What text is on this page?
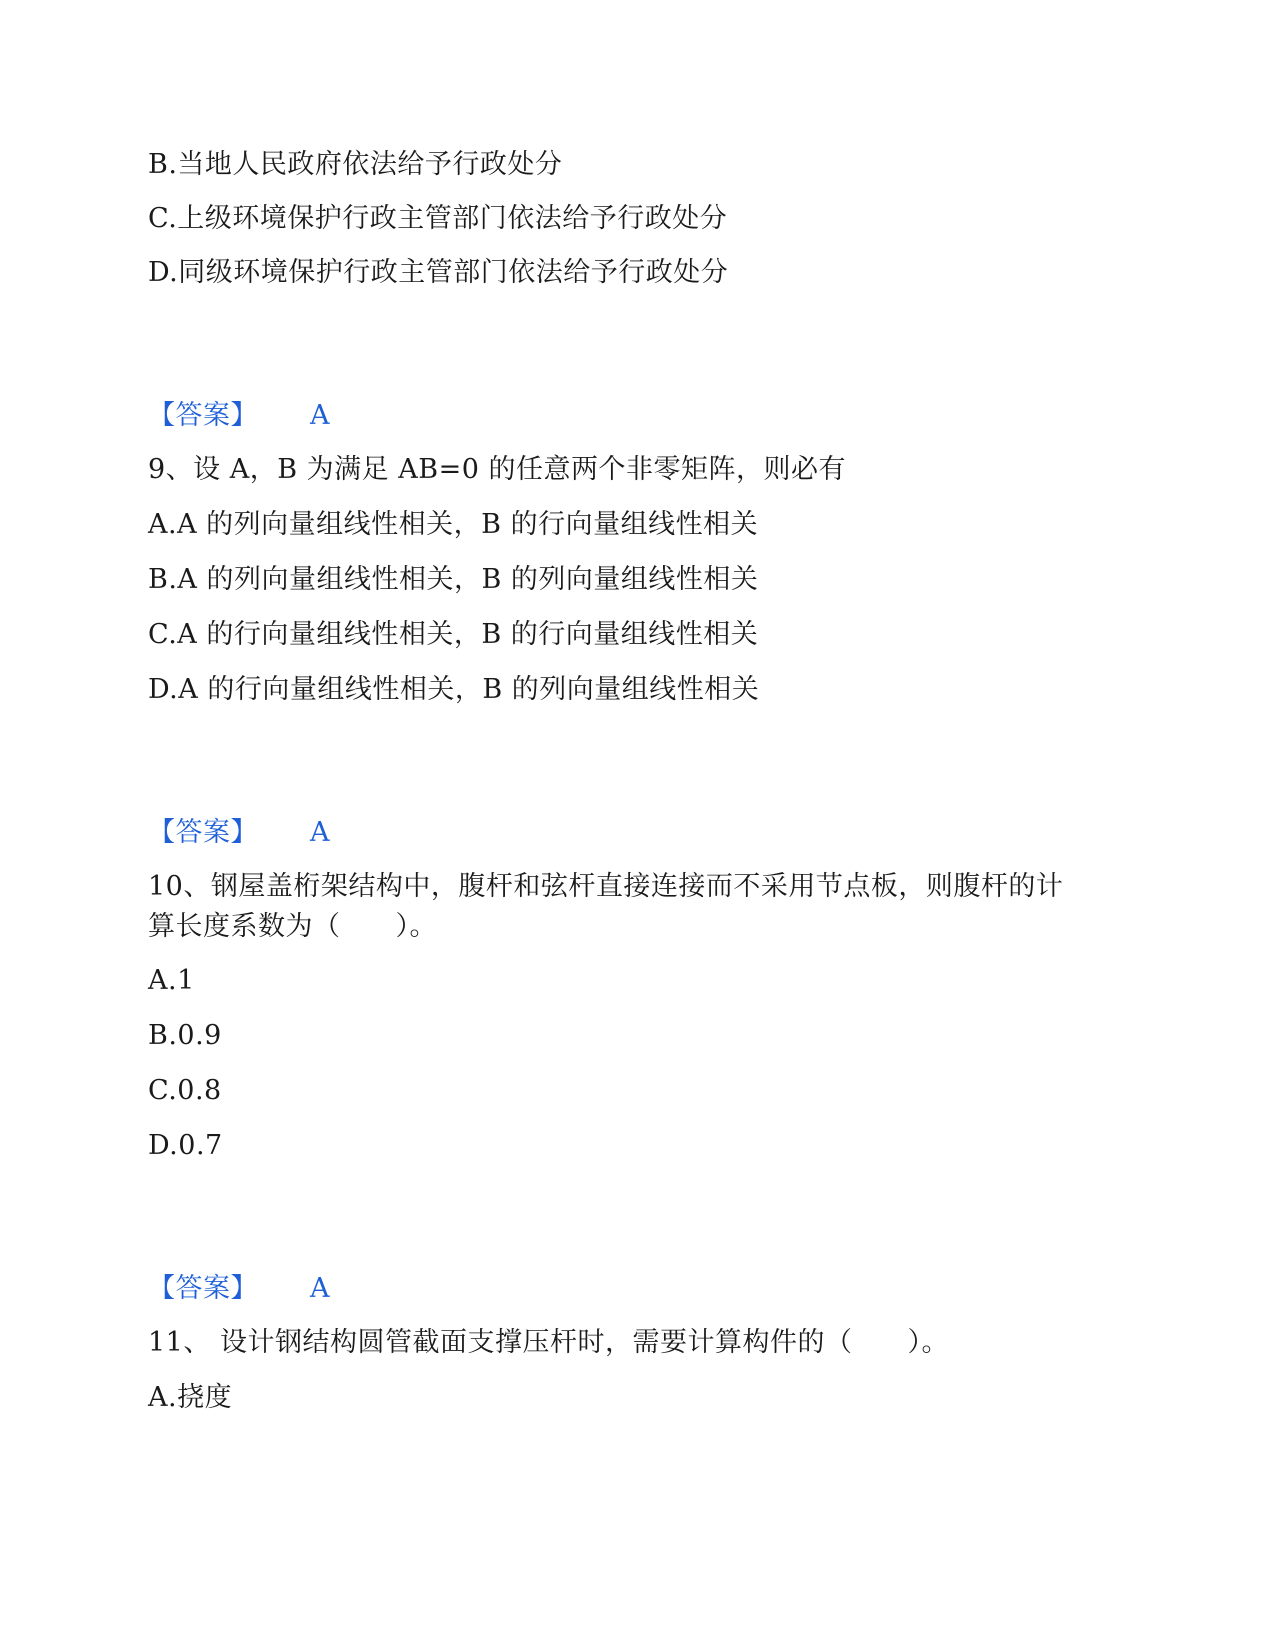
B.当地人民政府依法给予行政处分
C.上级环境保护行政主管部门依法给予行政处分
D.同级环境保护行政主管部门依法给予行政处分
【答案】 A
9、设 A，B 为满足 AB=0 的任意两个非零矩阵，则必有
A.A 的列向量组线性相关，B 的行向量组线性相关
B.A 的列向量组线性相关，B 的列向量组线性相关
C.A 的行向量组线性相关，B 的行向量组线性相关
D.A 的行向量组线性相关，B 的列向量组线性相关
【答案】 A
10、钢屋盖桁架结构中，腹杆和弦杆直接连接而不采用节点板，则腹杆的计
算长度系数为（　　）。
A.1
B.0.9
C.0.8
D.0.7
【答案】 A
11、 设计钢结构圆管截面支撑压杆时，需要计算构件的（　　）。
A.挠度
